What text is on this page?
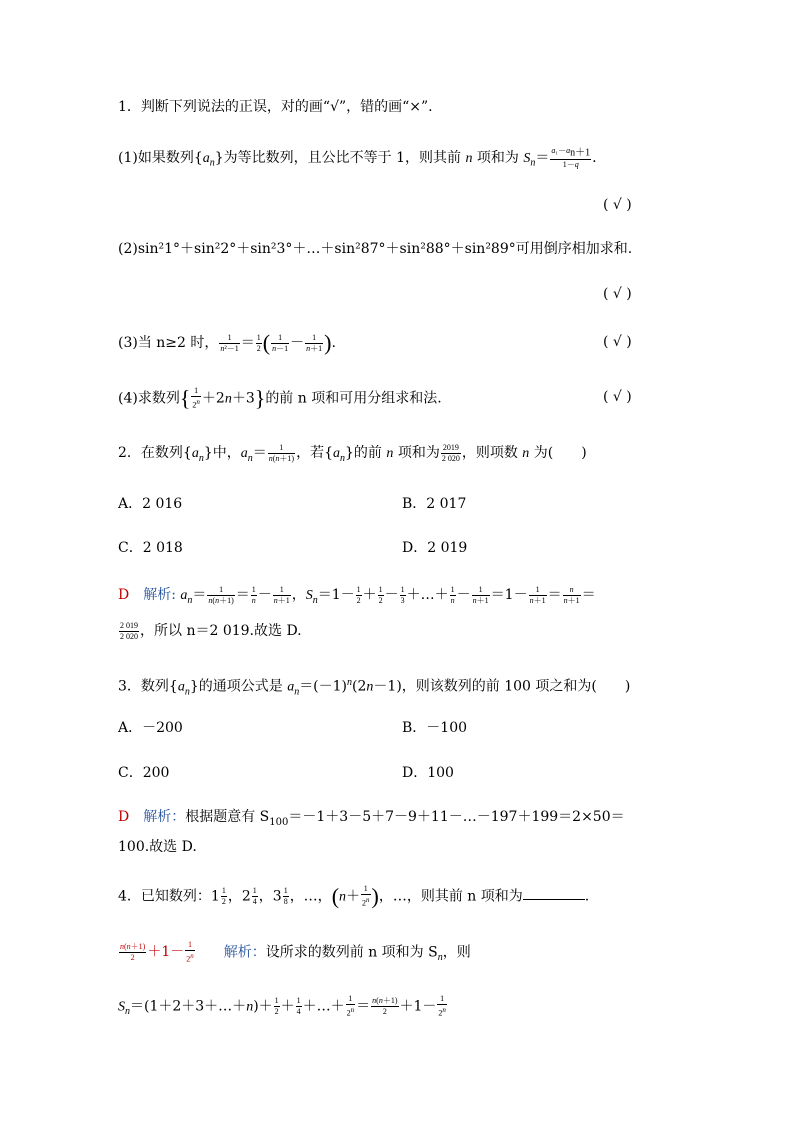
1．判断下列说法的正误，对的画“√”，错的画“×”.
(1)如果数列$\{a_n\}$为等比数列，且公比不等于 1，则其前 n 项和为 $S_n= \frac{a_1-a_{n+1}}{1-q}$ .
( √ )
(2)sin²1°＋sin²2°＋sin²3°＋…＋sin²87°＋sin²88°＋sin²89°可用倒序相加求和.
( √ )
(3)当 n≥2 时， $\frac{1}{\text{n²－1}} = \frac{1}{2}$ ( $\frac{1}{n-1} - \frac{1}{n+1}$ ).	( √ )
(4)求数列{ $\frac{1}{2^n} +2n+3$}的前 n 项和可用分组求和法.	( √ )
2．在数列$\{a_n\}$中，$a_n= \frac{1}{n(n+1)}$ ，若$\{a_n\}$的前 n 项和为 $\frac{2019}{2 020}$ ，则项数 n 为(　　)
A．2 016	B．2 017
C．2 018	D．2 019
D　 解析: $a_n= \frac{1}{n(n+1)} = \frac{1}{n} - \frac{1}{n+1}$ ，$S_n=1- \frac{1}{2} + \frac{1}{2} - \frac{1}{3}$ ＋…＋ $\frac{1}{n} - \frac{1}{n+1} =1- \frac{1}{n+1} = \frac{n}{n+1}$ ＝
$\frac{2 019}{2 020}$ ，所以 n＝2 019.故选 D.
3．数列$\{a_n\}$的通项公式是 $a_n=(-1)^n(2n-1)$，则该数列的前 100 项之和为(　　)
A．－200	B．－100
C．200	D．100
D　 解析：根据题意有 $S_{100}=-1+3-5+7-9+11-\dots-197+199=2\times 50=$
100.故选 D.
4．已知数列：$1 \frac{1}{2}$ ，$2 \frac{1}{4}$ ，$3 \frac{1}{8}$ ，…，($n+ \frac{1}{2^n}$ )，…，则其前 n 项和为	.
$\frac{n(n+1)}{2} +1- \frac{1}{2^n}$
　　 解析：设所求的数列前 n 项和为 $S_n$，则
$S_n=(1+2+3+\dots+n)+ \frac{1}{2} + \frac{1}{4}$ ＋…＋ $\frac{1}{2^n} = \frac{n(n+1)}{2} +1- \frac{1}{2^n}$
